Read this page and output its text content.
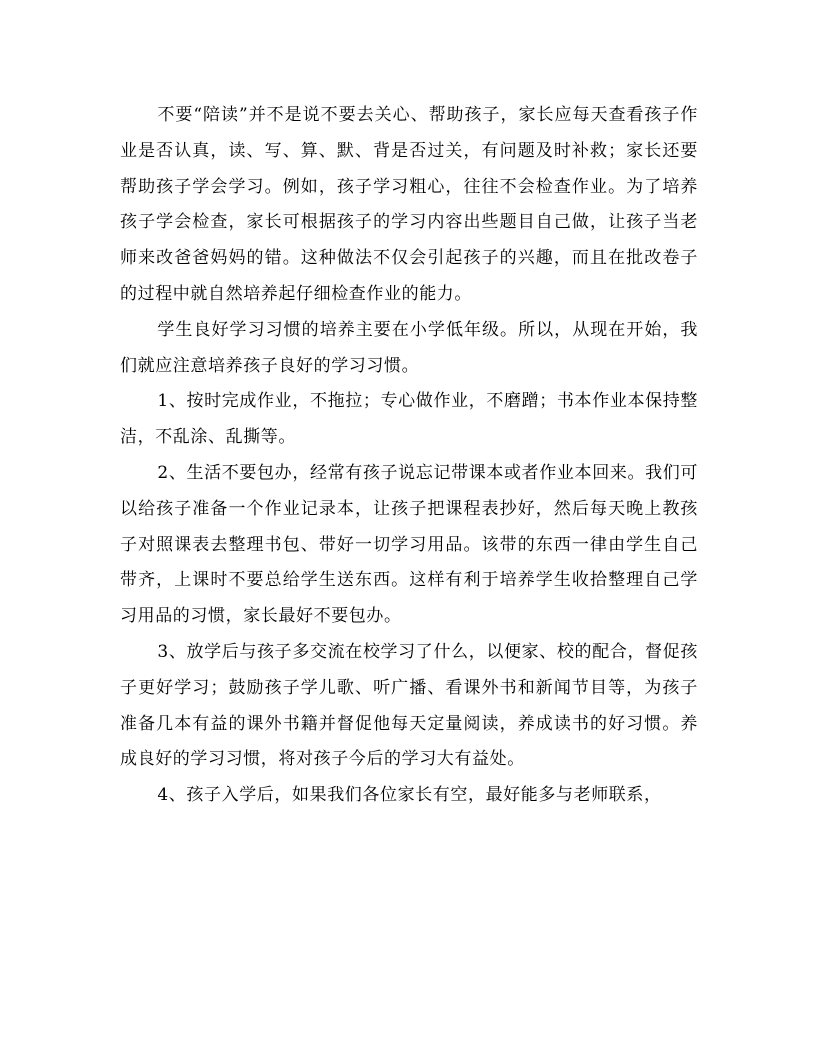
不要“陪读”并不是说不要去关心、帮助孩子，家长应每天查看孩子作业是否认真，读、写、算、默、背是否过关，有问题及时补救；家长还要帮助孩子学会学习。例如，孩子学习粗心，往往不会检查作业。为了培养孩子学会检查，家长可根据孩子的学习内容出些题目自己做，让孩子当老师来改爸爸妈妈的错。这种做法不仅会引起孩子的兴趣，而且在批改卷子的过程中就自然培养起仔细检查作业的能力。

学生良好学习习惯的培养主要在小学低年级。所以，从现在开始，我们就应注意培养孩子良好的学习习惯。

1、按时完成作业，不拖拉；专心做作业，不磨蹭；书本作业本保持整洁，不乱涂、乱撕等。

2、生活不要包办，经常有孩子说忘记带课本或者作业本回来。我们可以给孩子准备一个作业记录本，让孩子把课程表抄好，然后每天晚上教孩子对照课表去整理书包、带好一切学习用品。该带的东西一律由学生自己带齐，上课时不要总给学生送东西。这样有利于培养学生收拾整理自己学习用品的习惯，家长最好不要包办。

3、放学后与孩子多交流在校学习了什么，以便家、校的配合，督促孩子更好学习；鼓励孩子学儿歌、听广播、看课外书和新闻节目等，为孩子准备几本有益的课外书籍并督促他每天定量阅读，养成读书的好习惯。养成良好的学习习惯，将对孩子今后的学习大有益处。

4、孩子入学后，如果我们各位家长有空，最好能多与老师联系，
